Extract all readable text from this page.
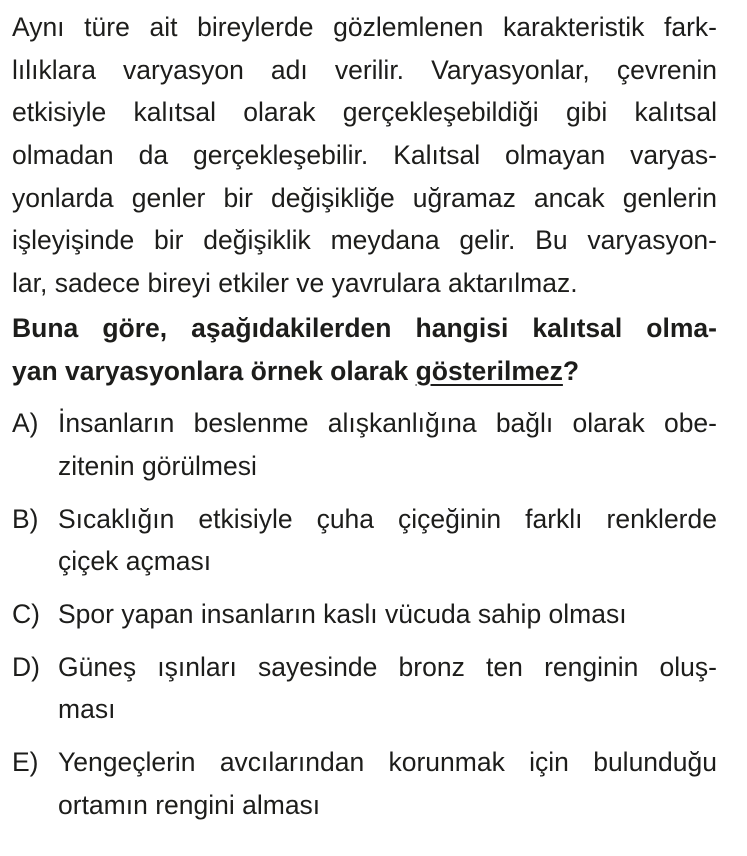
Aynı türe ait bireylerde gözlemlenen karakteristik fark-
lılıklara varyasyon adı verilir. Varyasyonlar, çevrenin
etkisiyle kalıtsal olarak gerçekleşebildiği gibi kalıtsal
olmadan da gerçekleşebilir. Kalıtsal olmayan varyas-
yonlarda genler bir değişikliğe uğramaz ancak genlerin
işleyişinde bir değişiklik meydana gelir. Bu varyasyon-
lar, sadece bireyi etkiler ve yavrulara aktarılmaz.
Buna göre, aşağıdakilerden hangisi kalıtsal olma-
yan varyasyonlara örnek olarak gösterilmez?
A) İnsanların beslenme alışkanlığına bağlı olarak obe-
zitenin görülmesi
B) Sıcaklığın etkisiyle çuha çiçeğinin farklı renklerde
çiçek açması
C) Spor yapan insanların kaslı vücuda sahip olması
D) Güneş ışınları sayesinde bronz ten renginin oluş-
ması
E) Yengeçlerin avcılarından korunmak için bulunduğu
ortamın rengini alması
